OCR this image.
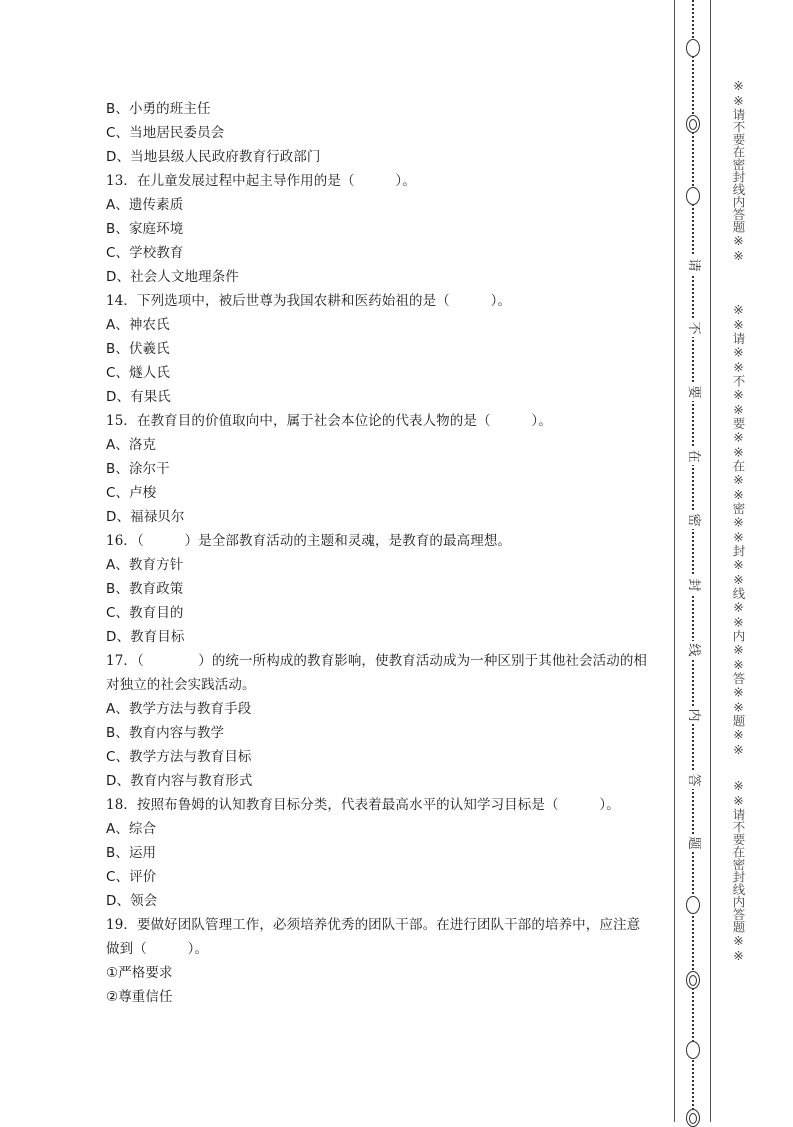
B、小勇的班主任
C、当地居民委员会
D、当地县级人民政府教育行政部门
13．在儿童发展过程中起主导作用的是（　　　）。
A、遗传素质
B、家庭环境
C、学校教育
D、社会人文地理条件
14．下列选项中，被后世尊为我国农耕和医药始祖的是（　　　）。
A、神农氏
B、伏羲氏
C、燧人氏
D、有果氏
15．在教育目的价值取向中，属于社会本位论的代表人物的是（　　　）。
A、洛克
B、涂尔干
C、卢梭
D、福禄贝尔
16．（　　　）是全部教育活动的主题和灵魂，是教育的最高理想。
A、教育方针
B、教育政策
C、教育目的
D、教育目标
17．（　　　　）的统一所构成的教育影响，使教育活动成为一种区别于其他社会活动的相
对独立的社会实践活动。
A、教学方法与教育手段
B、教育内容与教学
C、教学方法与教育目标
D、教育内容与教育形式
18．按照布鲁姆的认知教育目标分类，代表着最高水平的认知学习目标是（　　　）。
A、综合
B、运用
C、评价
D、领会
19．要做好团队管理工作，必须培养优秀的团队干部。在进行团队干部的培养中，应注意
做到（　　　）。
①严格要求
②尊重信任
请
不
要
在
密
封
线
内
答
题
※※请不要在密封线内答题※※
※※请※※不※※要※※在※※密※※封※※线※※内※※答※※题※※
※※请不要在密封线内答题※※
